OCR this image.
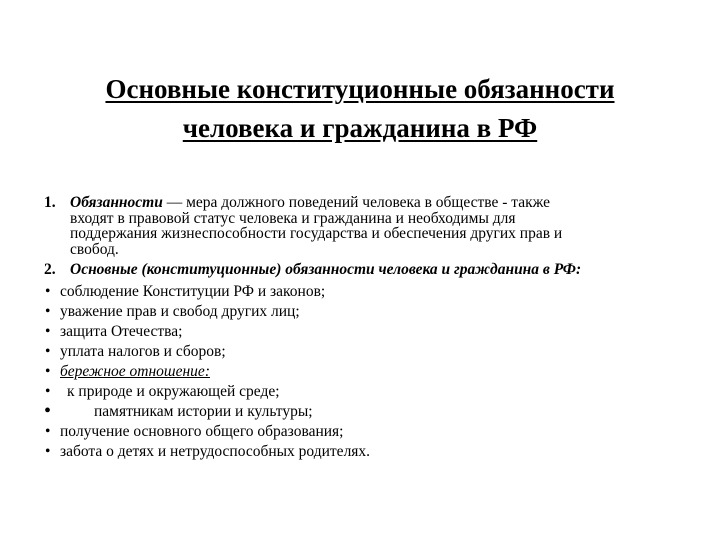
Основные конституционные обязанности
человека и гражданина в РФ
1. Обязанности — мера должного поведений человека в обществе - также
входят в правовой статус человека и гражданина и необходимы для
поддержания жизнеспособности государства и обеспечения других прав и
свобод.
2. Основные (конституционные) обязанности человека и гражданина в РФ:
• соблюдение Конституции РФ и законов;
• уважение прав и свобод других лиц;
• защита Отечества;
• уплата налогов и сборов;
• бережное отношение:
• к природе и окружающей среде;
•	памятникам истории и культуры;
• получение основного общего образования;
• забота о детях и нетрудоспособных родителях.
